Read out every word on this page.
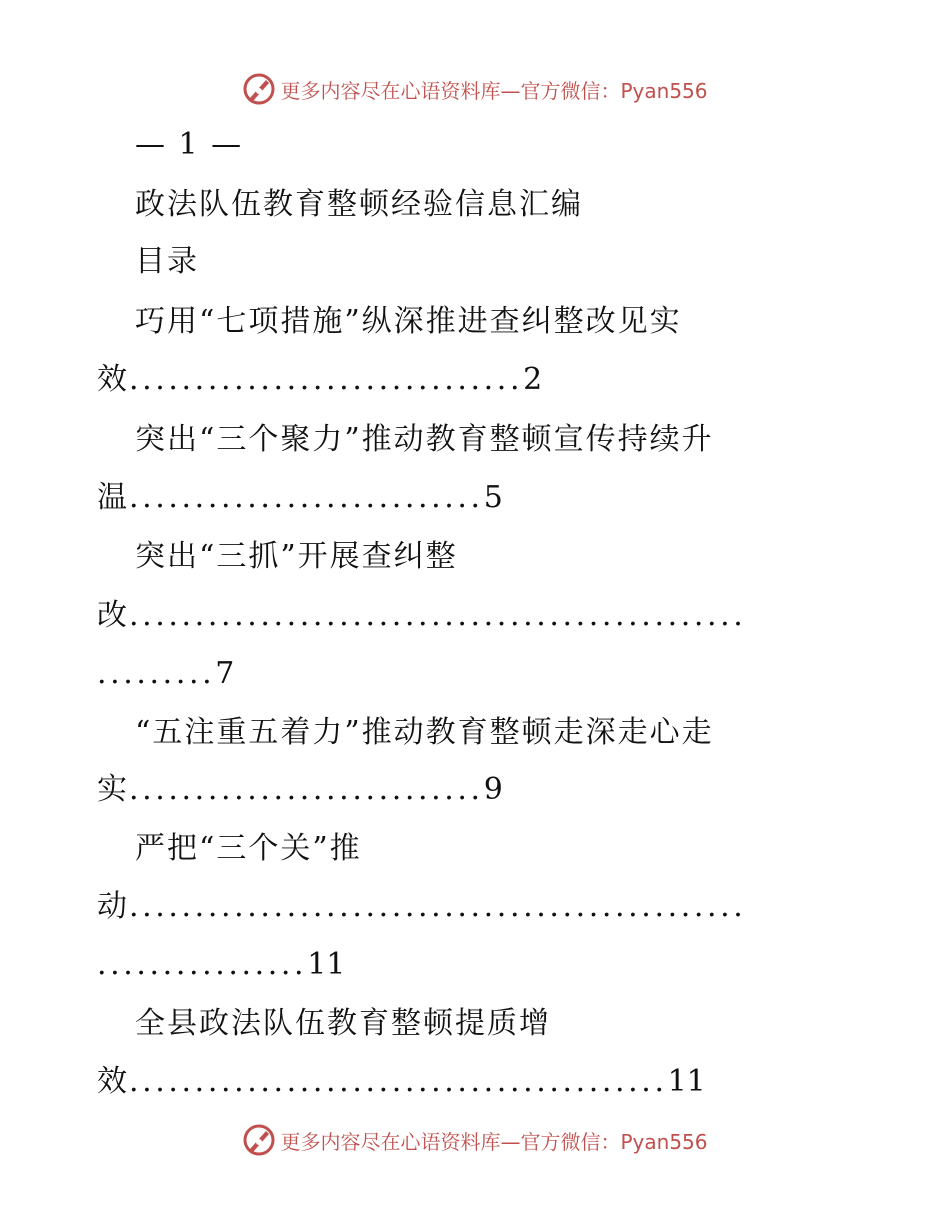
更多内容尽在心语资料库—官方微信：Pyan556
— 1 —
政法队伍教育整顿经验信息汇编
目录
巧用“七项措施”纵深推进查纠整改见实
效..............................2
突出“三个聚力”推动教育整顿宣传持续升
温...........................5
突出“三抓”开展查纠整
改...............................................
.........7
“五注重五着力”推动教育整顿走深走心走
实...........................9
严把“三个关”推
动...............................................
................11
全县政法队伍教育整顿提质增
效.........................................11
更多内容尽在心语资料库—官方微信：Pyan556
